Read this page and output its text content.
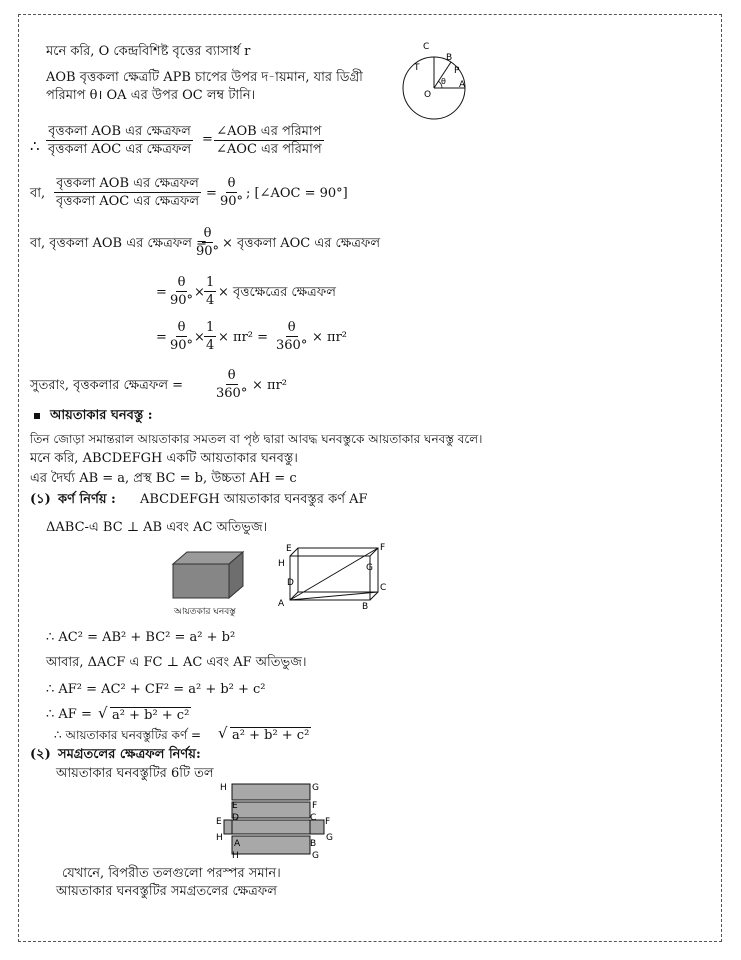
মনে করি, O কেন্দ্রবিশিষ্ট বৃত্তের ব্যাসার্ধ r
AOB বৃত্তকলা ক্ষেত্রটি APB চাপের উপর দ-ায়মান, যার ডিগ্রী
পরিমাপ θ। OA এর উপর OC লম্ব টানি।
C
B
T	P
A
O
θ
∴
বৃত্তকলা AOB এর ক্ষেত্রফল
বৃত্তকলা AOC এর ক্ষেত্রফল
=
∠AOB এর পরিমাপ
∠AOC এর পরিমাপ
বা,
বৃত্তকলা AOB এর ক্ষেত্রফল
বৃত্তকলা AOC এর ক্ষেত্রফল
= $\frac{\theta}{90^\circ}$ ; [∠AOC = 90°]
বা, বৃত্তকলা AOB এর ক্ষেত্রফল =
$\frac{\theta}{90^\circ}$ × বৃত্তকলা AOC এর ক্ষেত্রফল
= $\frac{\theta}{90^\circ}$
× $\frac{1}{4}$ × বৃত্তক্ষেত্রের ক্ষেত্রফল
= $\frac{\theta}{90^\circ}$
× $\frac{1}{4} \times \pi r^2 = \frac{\theta}{360^\circ} \times \pi r^2$
সুতরাং, বৃত্তকলার ক্ষেত্রফল = $\frac{\theta}{360^\circ} \times \pi r^2$
আয়তাকার ঘনবস্তু :
তিন জোড়া সমান্তরাল আয়তাকার সমতল বা পৃষ্ঠ দ্বারা আবদ্ধ ঘনবস্তুকে আয়তাকার ঘনবস্তু বলে।
মনে করি, ABCDEFGH একটি আয়তাকার ঘনবস্তু।
এর দৈর্ঘ্য AB = a, প্রস্থ BC = b, উচ্চতা AH = c
(১) কর্ণ নির্ণয় : ABCDEFGH আয়তাকার ঘনবস্তুর কর্ণ AF
ΔABC-এ BC ⊥ AB এবং AC অতিভুজ।
আয়তকার ঘনবস্তু
E	F
H	G
D	C
A	B
∴ AC² = AB² + BC² = a² + b²
আবার, ΔACF এ FC ⊥ AC এবং AF অতিভুজ।
∴ AF² = AC² + CF² = a² + b² + c²
∴ AF = √ a² + b² + c²
∴ আয়তাকার ঘনবস্তুটির কর্ণ = √ a² + b² + c²
(২) সমগ্রতলের ক্ষেত্রফল নির্ণয়:
আয়তাকার ঘনবস্তুটির 6টি তল
H	G
E	F
E D	C F
H
A	B
G
H	G
যেখানে, বিপরীত তলগুলো পরস্পর সমান।
আয়তাকার ঘনবস্তুটির সমগ্রতলের ক্ষেত্রফল
